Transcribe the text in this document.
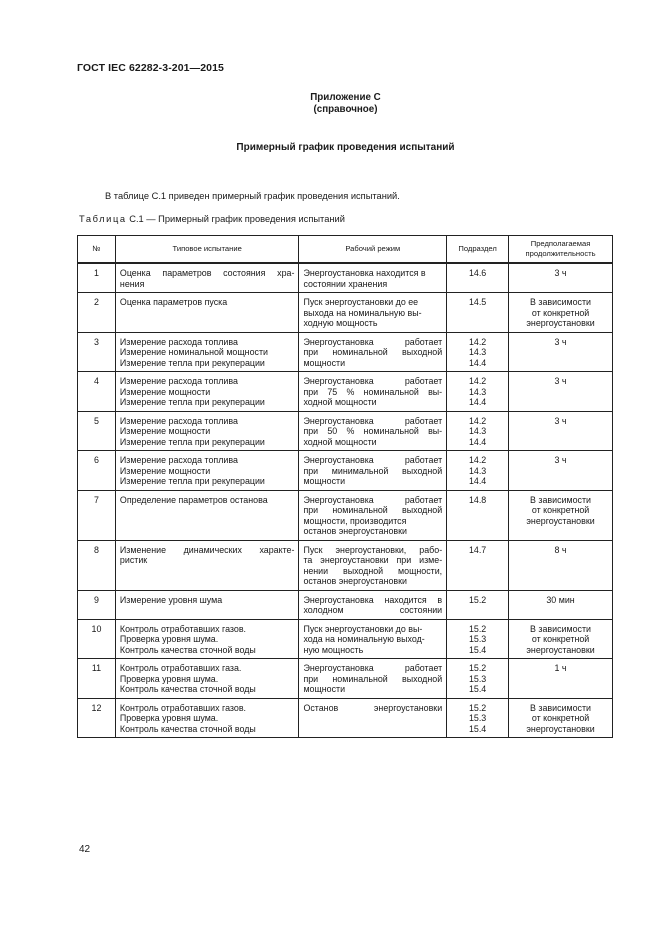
ГОСТ IEC 62282-3-201—2015
Приложение С
(справочное)
Примерный график проведения испытаний
В таблице С.1 приведен примерный график проведения испытаний.
Таблица С.1 — Примерный график проведения испытаний
№	Типовое испытание	Рабочий режим	Подраздел	Предполагаемая
продолжительность

1	Оценка параметров состояния хра-
нения	Энергоустановка находится в
состоянии хранения	14.6	3 ч

2	Оценка параметров пуска	Пуск энергоустановки до ее
выхода на номинальную вы-
ходную мощность	14.5	В зависимости
от конкретной
энергоустановки

3	Измерение расхода топлива
Измерение номинальной мощности
Измерение тепла при рекуперации	Энергоустановка работает
при номинальной выходной
мощности	14.2
14.3
14.4	3 ч

4	Измерение расхода топлива
Измерение мощности
Измерение тепла при рекуперации	Энергоустановка работает
при 75 % номинальной вы-
ходной мощности	14.2
14.3
14.4	3 ч

5	Измерение расхода топлива
Измерение мощности
Измерение тепла при рекуперации	Энергоустановка работает
при 50 % номинальной вы-
ходной мощности	14.2
14.3
14.4	3 ч

6	Измерение расхода топлива
Измерение мощности
Измерение тепла при рекуперации	Энергоустановка работает
при минимальной выходной
мощности	14.2
14.3
14.4	3 ч

7	Определение параметров останова	Энергоустановка работает
при номинальной выходной
мощности, производится
останов энергоустановки	14.8	В зависимости
от конкретной
энергоустановки

8	Изменение динамических характе-
ристик	Пуск энергоустановки, рабо-
та энергоустановки при изме-
нении выходной мощности,
останов энергоустановки	14.7	8 ч

9	Измерение уровня шума	Энергоустановка находится в
холодном состоянии	15.2	30 мин

10	Контроль отработавших газов.
Проверка уровня шума.
Контроль качества сточной воды	Пуск энергоустановки до вы-
хода на номинальную выход-
ную мощность	15.2
15.3
15.4	В зависимости
от конкретной
энергоустановки

11	Контроль отработавших газа.
Проверка уровня шума.
Контроль качества сточной воды	Энергоустановка работает
при номинальной выходной
мощности	15.2
15.3
15.4	1 ч

12	Контроль отработавших газов.
Проверка уровня шума.
Контроль качества сточной воды	Останов энергоустановки	15.2
15.3
15.4	В зависимости
от конкретной
энергоустановки
42
